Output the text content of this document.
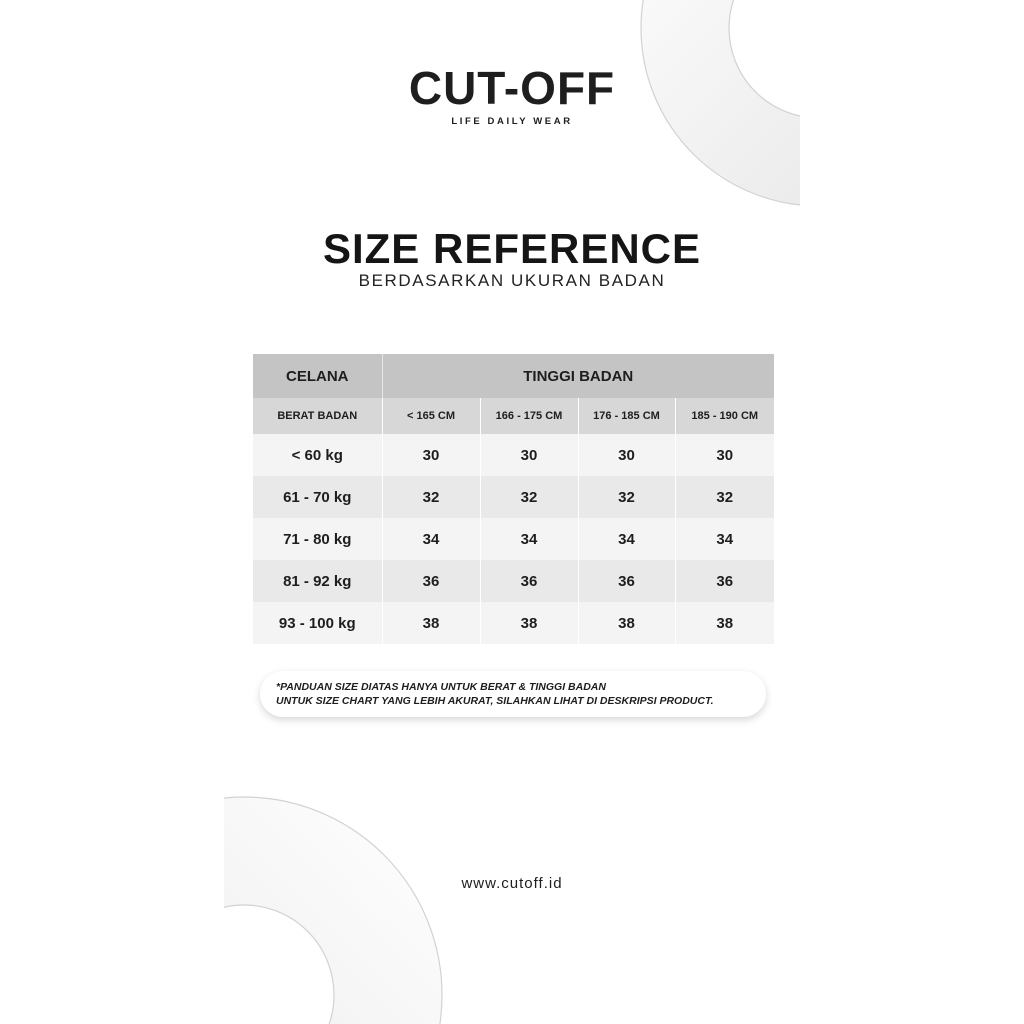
CUT-OFF
LIFE DAILY WEAR
SIZE REFERENCE
BERDASARKAN UKURAN BADAN
CELANA	TINGGI BADAN			
BERAT BADAN	< 165 CM	166 - 175 CM	176 - 185 CM	185 - 190 CM
< 60 kg	30	30	30	30
61 - 70 kg	32	32	32	32
71 - 80 kg	34	34	34	34
81 - 92 kg	36	36	36	36
93 - 100 kg	38	38	38	38
*PANDUAN SIZE DIATAS HANYA UNTUK BERAT & TINGGI BADAN
UNTUK SIZE CHART YANG LEBIH AKURAT, SILAHKAN LIHAT DI DESKRIPSI PRODUCT.
www.cutoff.id
